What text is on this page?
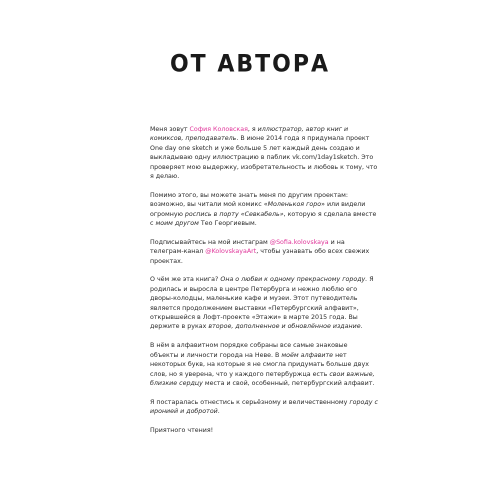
ОТ АВТОРА

Меня зовут София Коловская, я иллюстратор, автор книг и комиксов, преподаватель. В июне 2014 года я придумала проект One day one sketch и уже больше 5 лет каждый день создаю и выкладываю одну иллюстрацию в паблик vk.com/1day1sketch. Это проверяет мою выдержку, изобретательность и любовь к тому, что я делаю.

Помимо этого, вы можете знать меня по другим проектам: возможно, вы читали мой комикс «Моленькоя горо» или видели огромную роспись в порту «Севкабель», которую я сделала вместе с моим другом Тео Георгиевым.

Подписывайтесь на мой инстаграм @Sofia.kolovskaya и на телеграм-канал @KolovskayaArt, чтобы узнавать обо всех свежих проектах.

О чём же эта книга? Она о любви к одному прекрасному городу. Я родилась и выросла в центре Петербурга и нежно люблю его дворы-колодцы, маленькие кафе и музеи. Этот путеводитель является продолжением выставки «Петербургский алфавит», открывшейся в Лофт-проекте «Этажи» в марте 2015 года. Вы держите в руках второе, дополненное и обновлённое издание.

В нём в алфавитном порядке собраны все самые знаковые объекты и личности города на Неве. В моём алфавите нет некоторых букв, на которые я не смогла придумать больше двух слов, но я уверена, что у каждого петербуржца есть свои важные, близкие сердцу места и свой, особенный, петербургский алфавит.

Я постаралась отнестись к серьёзному и величественному городу с иронией и добротой.

Приятного чтения!
